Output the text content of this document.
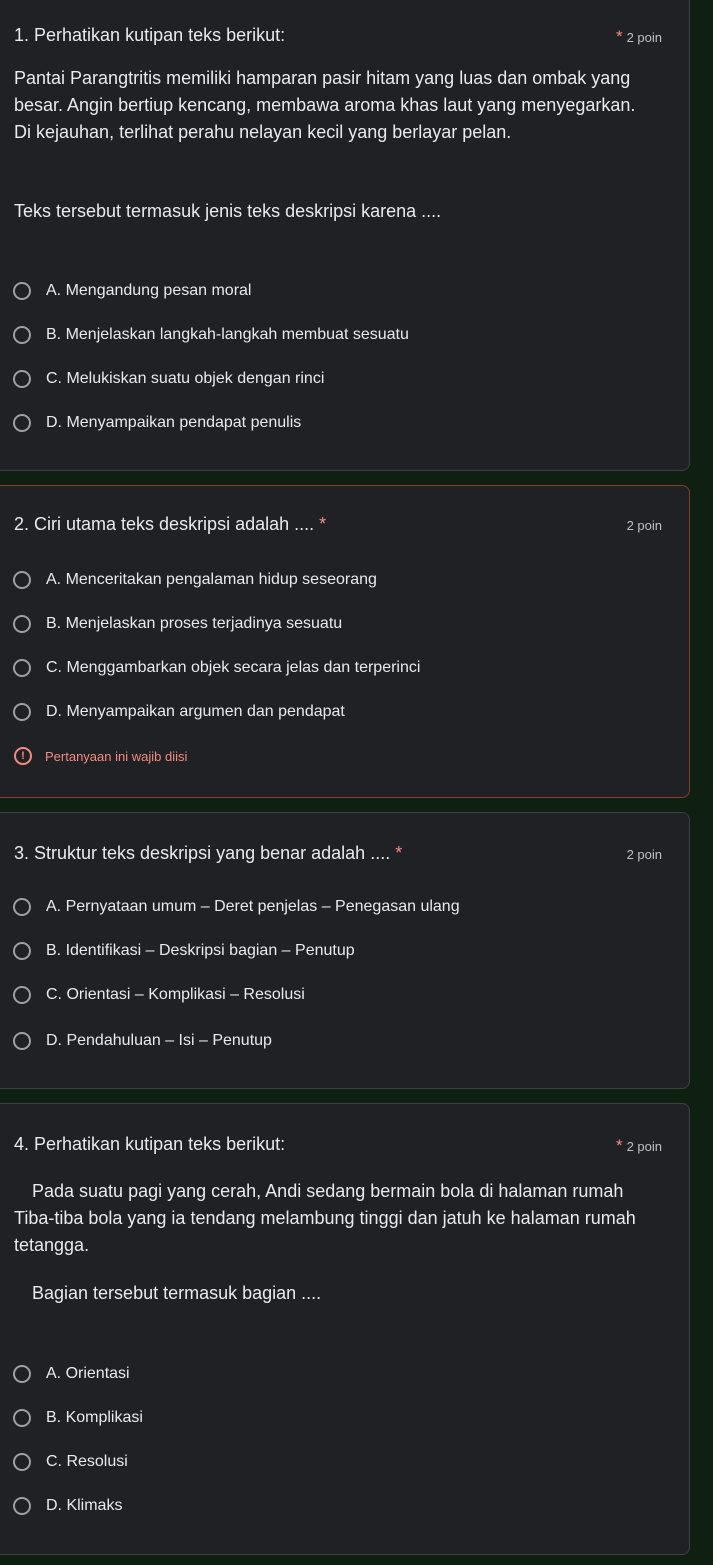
1. Perhatikan kutipan teks berikut:	* 2 poin
Pantai Parangtritis memiliki hamparan pasir hitam yang luas dan ombak yang besar. Angin bertiup kencang, membawa aroma khas laut yang menyegarkan. Di kejauhan, terlihat perahu nelayan kecil yang berlayar pelan.
Teks tersebut termasuk jenis teks deskripsi karena ....
A. Mengandung pesan moral
B. Menjelaskan langkah-langkah membuat sesuatu
C. Melukiskan suatu objek dengan rinci
D. Menyampaikan pendapat penulis
2. Ciri utama teks deskripsi adalah .... *	2 poin
A. Menceritakan pengalaman hidup seseorang
B. Menjelaskan proses terjadinya sesuatu
C. Menggambarkan objek secara jelas dan terperinci
D. Menyampaikan argumen dan pendapat
!	Pertanyaan ini wajib diisi
3. Struktur teks deskripsi yang benar adalah .... *	2 poin
A. Pernyataan umum – Deret penjelas – Penegasan ulang
B. Identifikasi – Deskripsi bagian – Penutup
C. Orientasi – Komplikasi – Resolusi
D. Pendahuluan – Isi – Penutup
4. Perhatikan kutipan teks berikut:	* 2 poin
Pada suatu pagi yang cerah, Andi sedang bermain bola di halaman rumah Tiba-tiba bola yang ia tendang melambung tinggi dan jatuh ke halaman rumah tetangga.
Bagian tersebut termasuk bagian ....
A. Orientasi
B. Komplikasi
C. Resolusi
D. Klimaks
